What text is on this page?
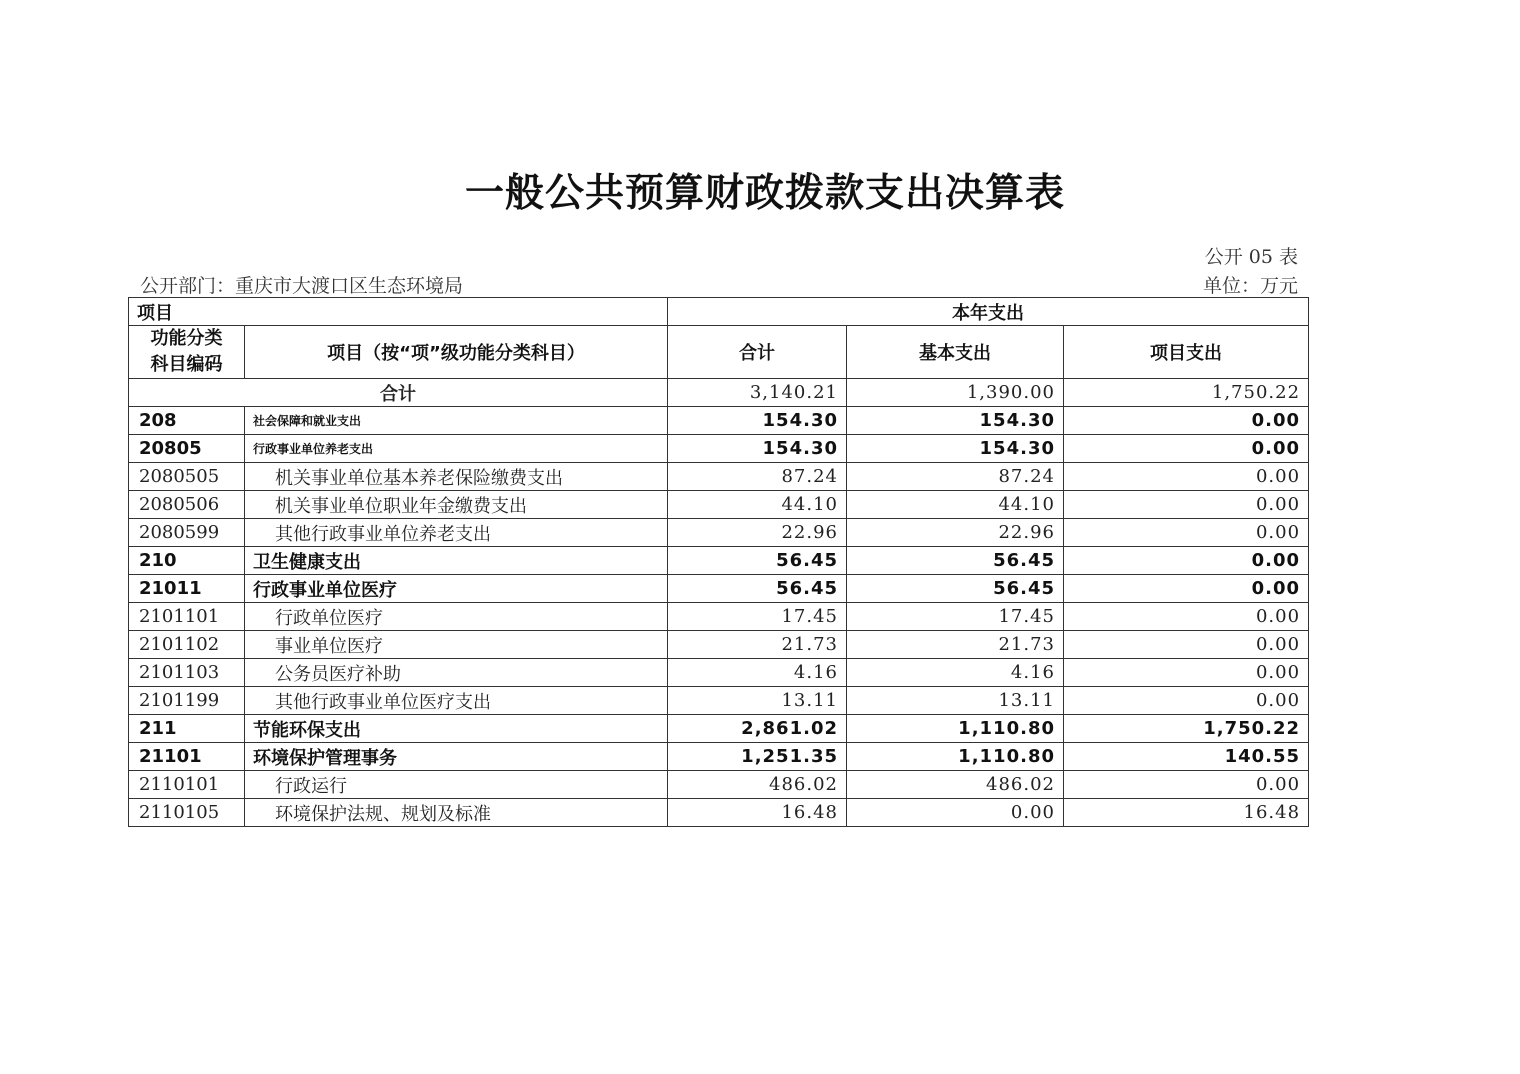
一般公共预算财政拨款支出决算表
公开 05 表
公开部门：重庆市大渡口区生态环境局	单位：万元
项目		本年支出		
功能分类
科目编码	项目（按“项”级功能分类科目）	合计	基本支出	项目支出
合计		3,140.21	1,390.00	1,750.22
208	社会保障和就业支出	154.30	154.30	0.00
20805	行政事业单位养老支出	154.30	154.30	0.00
2080505	机关事业单位基本养老保险缴费支出	87.24	87.24	0.00
2080506	机关事业单位职业年金缴费支出	44.10	44.10	0.00
2080599	其他行政事业单位养老支出	22.96	22.96	0.00
210	卫生健康支出	56.45	56.45	0.00
21011	行政事业单位医疗	56.45	56.45	0.00
2101101	行政单位医疗	17.45	17.45	0.00
2101102	事业单位医疗	21.73	21.73	0.00
2101103	公务员医疗补助	4.16	4.16	0.00
2101199	其他行政事业单位医疗支出	13.11	13.11	0.00
211	节能环保支出	2,861.02	1,110.80	1,750.22
21101	环境保护管理事务	1,251.35	1,110.80	140.55
2110101	行政运行	486.02	486.02	0.00
2110105	环境保护法规、规划及标准	16.48	0.00	16.48
